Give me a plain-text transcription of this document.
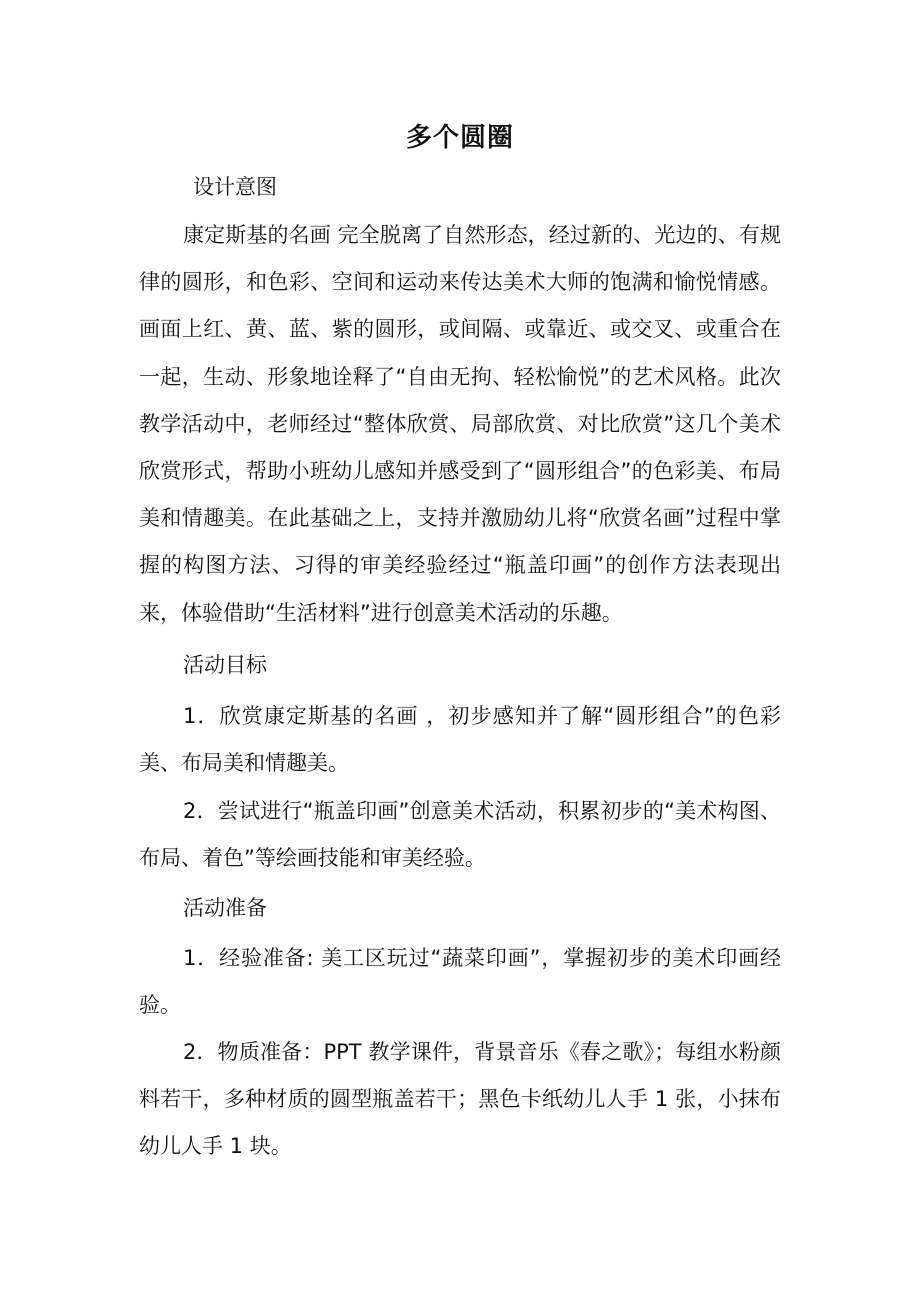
多个圆圈
设计意图

康定斯基的名画 完全脱离了自然形态，经过新的、光边的、有规律的圆形，和色彩、空间和运动来传达美术大师的饱满和愉悦情感。画面上红、黄、蓝、紫的圆形，或间隔、或靠近、或交叉、或重合在一起，生动、形象地诠释了“自由无拘、轻松愉悦”的艺术风格。此次教学活动中，老师经过“整体欣赏、局部欣赏、对比欣赏”这几个美术欣赏形式，帮助小班幼儿感知并感受到了“圆形组合”的色彩美、布局美和情趣美。在此基础之上，支持并激励幼儿将“欣赏名画”过程中掌握的构图方法、习得的审美经验经过“瓶盖印画”的创作方法表现出来，体验借助“生活材料”进行创意美术活动的乐趣。

活动目标

1．欣赏康定斯基的名画 ，初步感知并了解“圆形组合”的色彩美、布局美和情趣美。

2．尝试进行“瓶盖印画”创意美术活动，积累初步的“美术构图、布局、着色”等绘画技能和审美经验。

活动准备

1．经验准备: 美工区玩过“蔬菜印画”，掌握初步的美术印画经验。

2．物质准备：PPT 教学课件，背景音乐《春之歌》；每组水粉颜料若干，多种材质的圆型瓶盖若干；黑色卡纸幼儿人手 1 张，小抹布幼儿人手 1 块。
